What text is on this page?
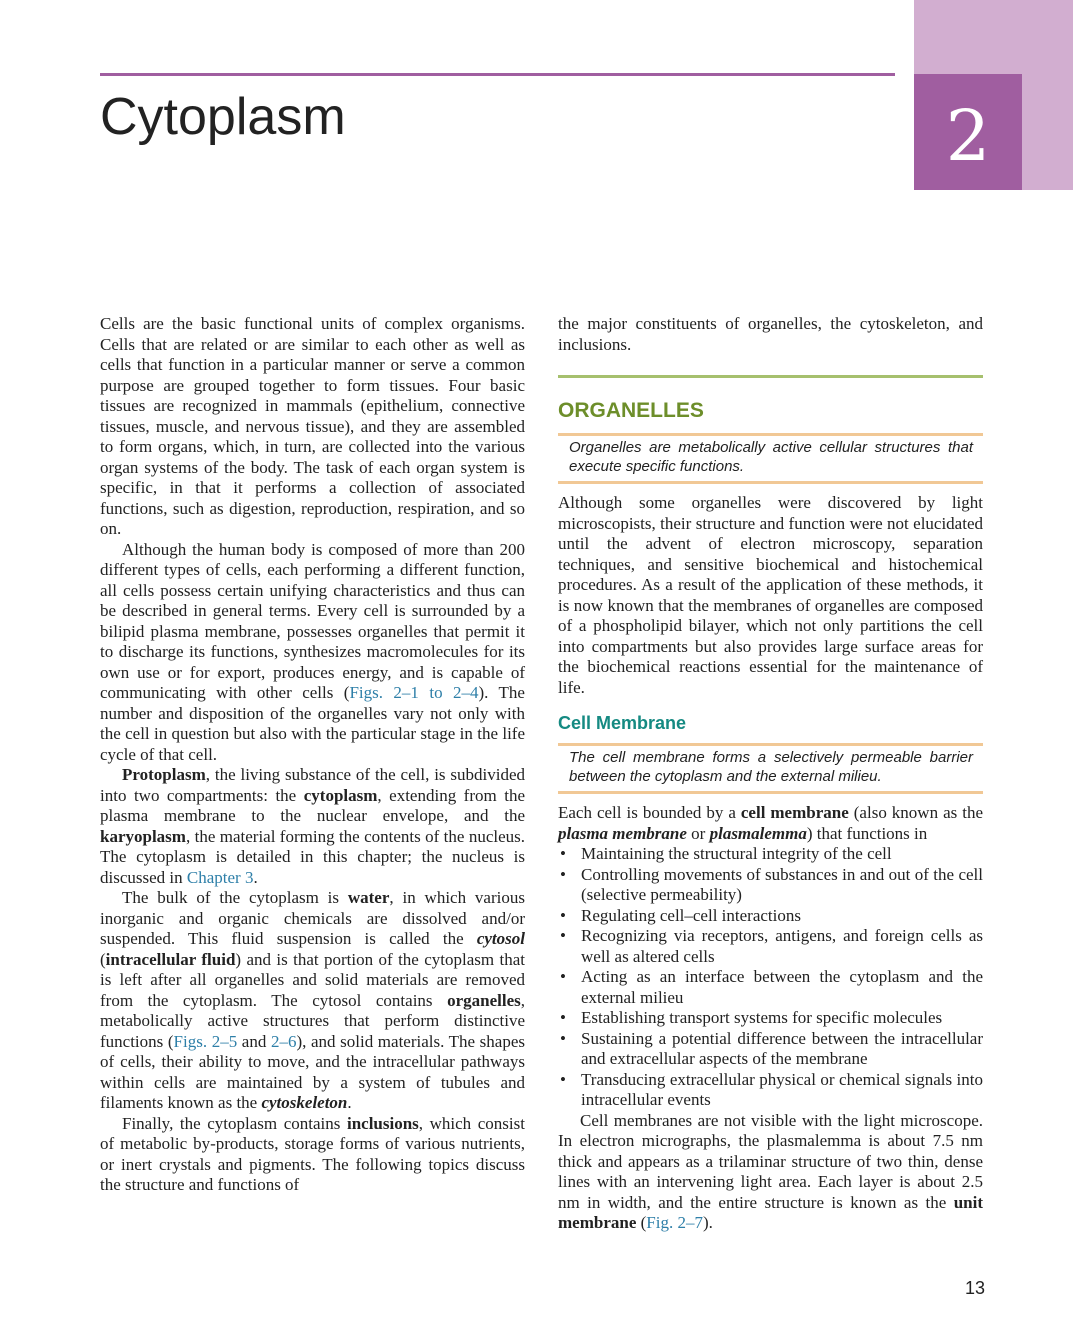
2
Cytoplasm

Cells are the basic functional units of complex organisms. Cells that are related or are similar to each other as well as cells that function in a particular manner or serve a common purpose are grouped together to form tissues. Four basic tissues are recognized in mammals (epithelium, connective tissues, muscle, and nervous tissue), and they are assembled to form organs, which, in turn, are collected into the various organ systems of the body. The task of each organ system is specific, in that it performs a collection of associated functions, such as digestion, reproduction, respiration, and so on.

Although the human body is composed of more than 200 different types of cells, each performing a different function, all cells possess certain unifying characteristics and thus can be described in general terms. Every cell is surrounded by a bilipid plasma membrane, possesses organelles that permit it to discharge its functions, synthesizes macromolecules for its own use or for export, produces energy, and is capable of communicating with other cells (Figs. 2–1 to 2–4). The number and disposition of the organelles vary not only with the cell in question but also with the particular stage in the life cycle of that cell.

Protoplasm, the living substance of the cell, is subdivided into two compartments: the cytoplasm, extending from the plasma membrane to the nuclear envelope, and the karyoplasm, the material forming the contents of the nucleus. The cytoplasm is detailed in this chapter; the nucleus is discussed in Chapter 3.

The bulk of the cytoplasm is water, in which various inorganic and organic chemicals are dissolved and/or suspended. This fluid suspension is called the cytosol (intracellular fluid) and is that portion of the cytoplasm that is left after all organelles and solid materials are removed from the cytoplasm. The cytosol contains organelles, metabolically active structures that perform distinctive functions (Figs. 2–5 and 2–6), and solid materials. The shapes of cells, their ability to move, and the intracellular pathways within cells are maintained by a system of tubules and filaments known as the cytoskeleton.

Finally, the cytoplasm contains inclusions, which consist of metabolic by-products, storage forms of various nutrients, or inert crystals and pigments. The following topics discuss the structure and functions of

the major constituents of organelles, the cytoskeleton, and inclusions.

ORGANELLES
Organelles are metabolically active cellular structures that execute specific functions.

Although some organelles were discovered by light microscopists, their structure and function were not elucidated until the advent of electron microscopy, separation techniques, and sensitive biochemical and histochemical procedures. As a result of the application of these methods, it is now known that the membranes of organelles are composed of a phospholipid bilayer, which not only partitions the cell into compartments but also provides large surface areas for the biochemical reactions essential for the maintenance of life.

Cell Membrane
The cell membrane forms a selectively permeable barrier between the cytoplasm and the external milieu.

Each cell is bounded by a cell membrane (also known as the plasma membrane or plasmalemma) that functions in

• Maintaining the structural integrity of the cell
• Controlling movements of substances in and out of the cell (selective permeability)
• Regulating cell–cell interactions
• Recognizing via receptors, antigens, and foreign cells as well as altered cells
• Acting as an interface between the cytoplasm and the external milieu
• Establishing transport systems for specific molecules
• Sustaining a potential difference between the intracellular and extracellular aspects of the membrane
• Transducing extracellular physical or chemical signals into intracellular events

Cell membranes are not visible with the light microscope. In electron micrographs, the plasmalemma is about 7.5 nm thick and appears as a trilaminar structure of two thin, dense lines with an intervening light area. Each layer is about 2.5 nm in width, and the entire structure is known as the unit membrane (Fig. 2–7).

13
